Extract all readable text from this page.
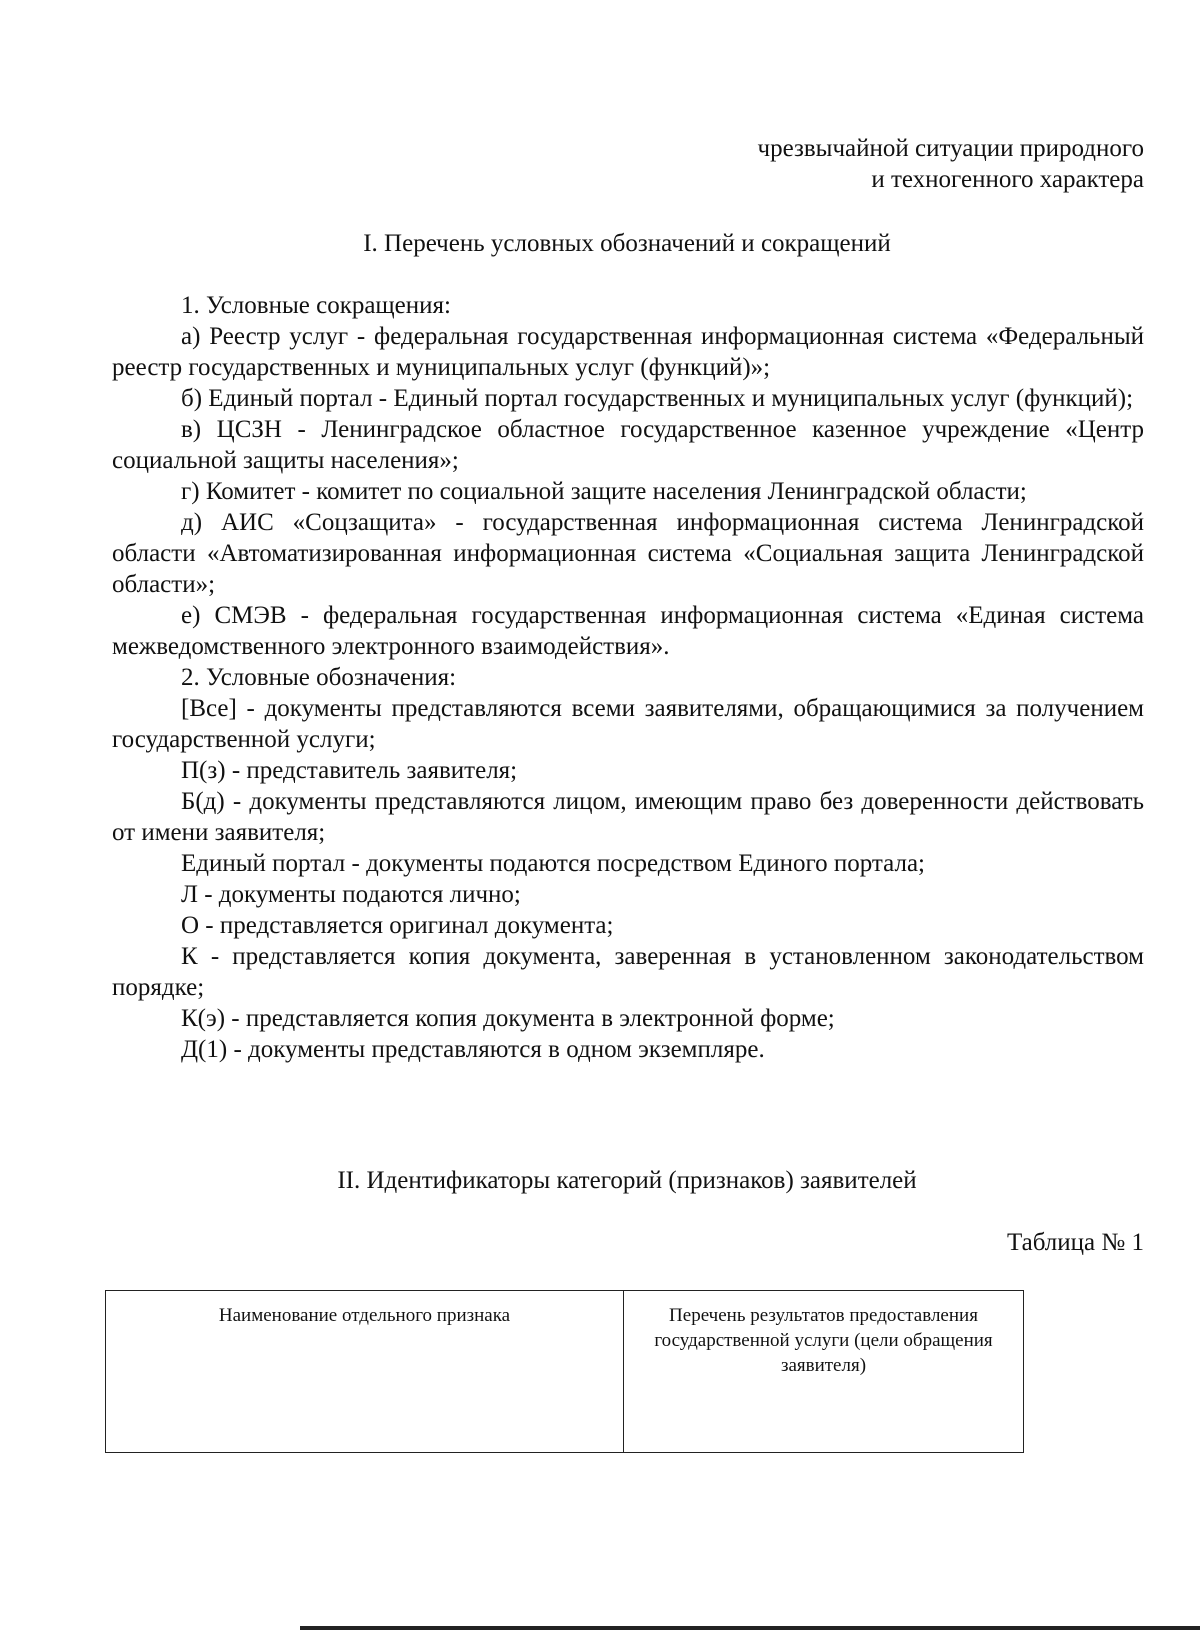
чрезвычайной ситуации природного
и техногенного характера
I. Перечень условных обозначений и сокращений

1. Условные сокращения:

а) Реестр услуг - федеральная государственная информационная система «Федеральный реестр государственных и муниципальных услуг (функций)»;

б) Единый портал - Единый портал государственных и муниципальных услуг (функций);

в) ЦСЗН - Ленинградское областное государственное казенное учреждение «Центр социальной защиты населения»;

г) Комитет - комитет по социальной защите населения Ленинградской области;

д) АИС «Соцзащита» - государственная информационная система Ленинградской области «Автоматизированная информационная система «Социальная защита Ленинградской области»;

е) СМЭВ - федеральная государственная информационная система «Единая система межведомственного электронного взаимодействия».

2. Условные обозначения:

[Все] - документы представляются всеми заявителями, обращающимися за получением государственной услуги;

П(з) - представитель заявителя;

Б(д) - документы представляются лицом, имеющим право без доверенности действовать от имени заявителя;

Единый портал - документы подаются посредством Единого портала;

Л - документы подаются лично;

О - представляется оригинал документа;

К - представляется копия документа, заверенная в установленном законодательством порядке;

К(э) - представляется копия документа в электронной форме;

Д(1) - документы представляются в одном экземпляре.

II. Идентификаторы категорий (признаков) заявителей
Таблица № 1
Наименование отдельного признака	Перечень результатов предоставления государственной услуги (цели обращения заявителя)
